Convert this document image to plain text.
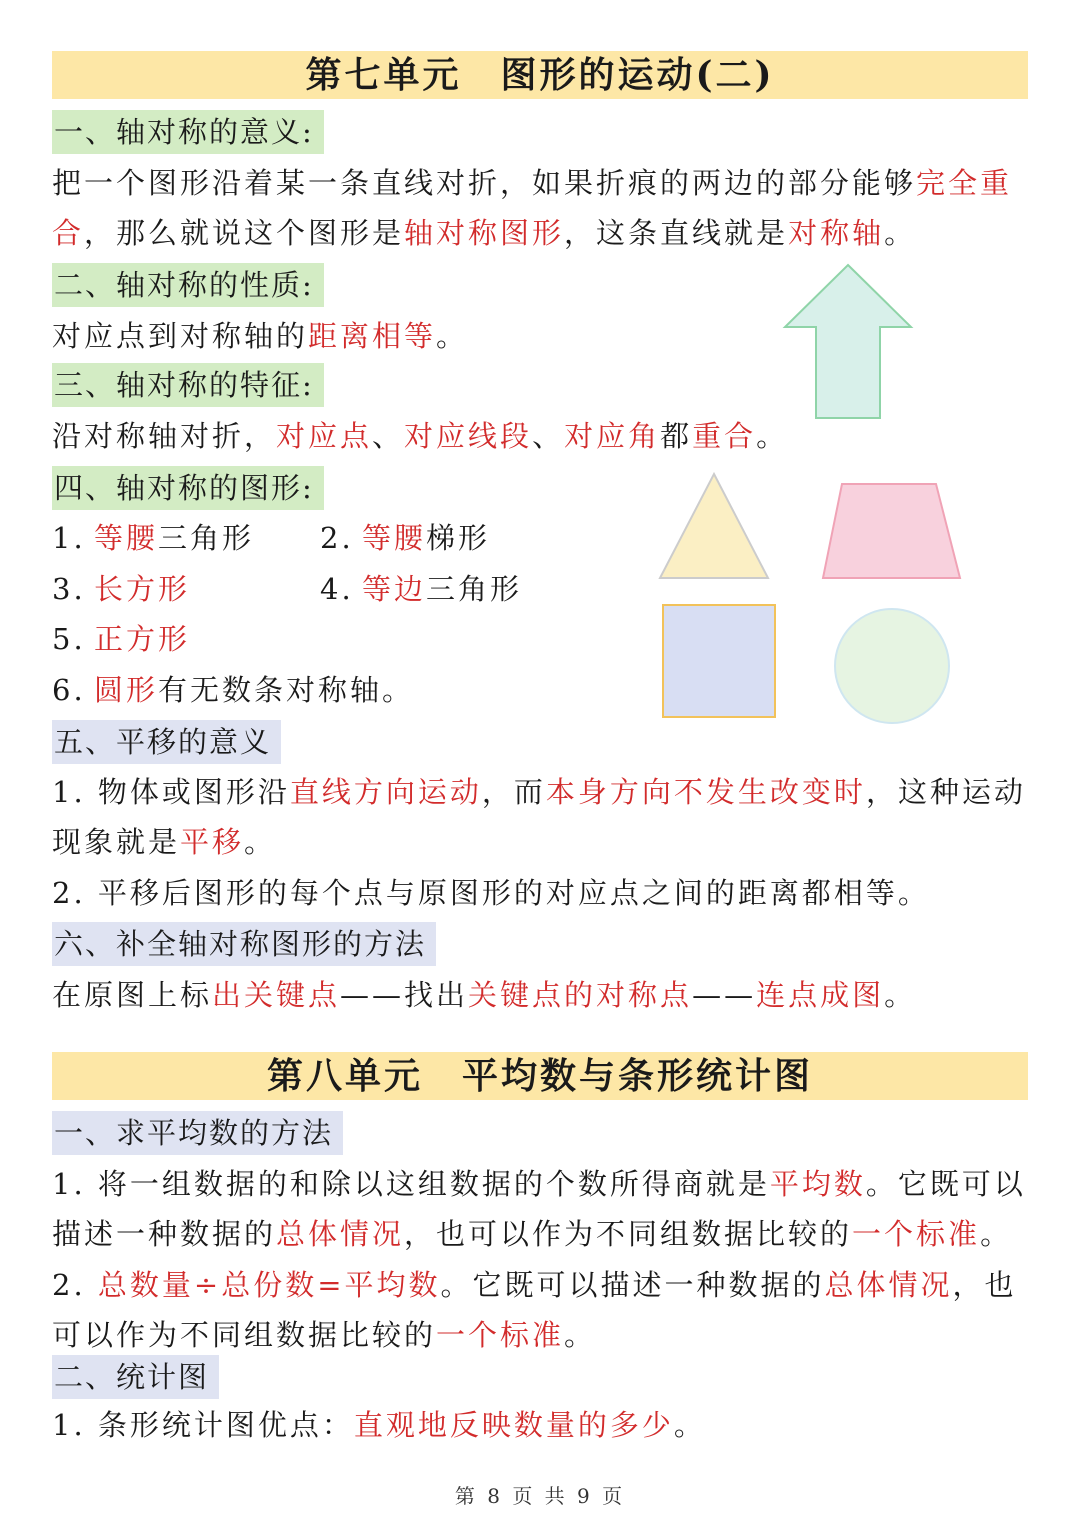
第七单元　图形的运动(二)
一、轴对称的意义:
把一个图形沿着某一条直线对折，如果折痕的两边的部分能够完全重
合，那么就说这个图形是轴对称图形，这条直线就是对称轴。
二、轴对称的性质:
对应点到对称轴的距离相等。
三、轴对称的特征:
沿对称轴对折，对应点、对应线段、对应角都重合。
四、轴对称的图形:
1. 等腰三角形 2. 等腰梯形
3. 长方形	4. 等边三角形
5. 正方形
6. 圆形有无数条对称轴。
五、平移的意义
1. 物体或图形沿直线方向运动，而本身方向不发生改变时，这种运动
现象就是平移。
2. 平移后图形的每个点与原图形的对应点之间的距离都相等。
六、补全轴对称图形的方法
在原图上标出关键点——找出关键点的对称点——连点成图。
第八单元　平均数与条形统计图
一、求平均数的方法
1. 将一组数据的和除以这组数据的个数所得商就是平均数。它既可以
描述一种数据的总体情况，也可以作为不同组数据比较的一个标准。
2. 总数量÷总份数=平均数。它既可以描述一种数据的总体情况，也
可以作为不同组数据比较的一个标准。
二、统计图
1. 条形统计图优点：直观地反映数量的多少。
第 8 页 共 9 页
